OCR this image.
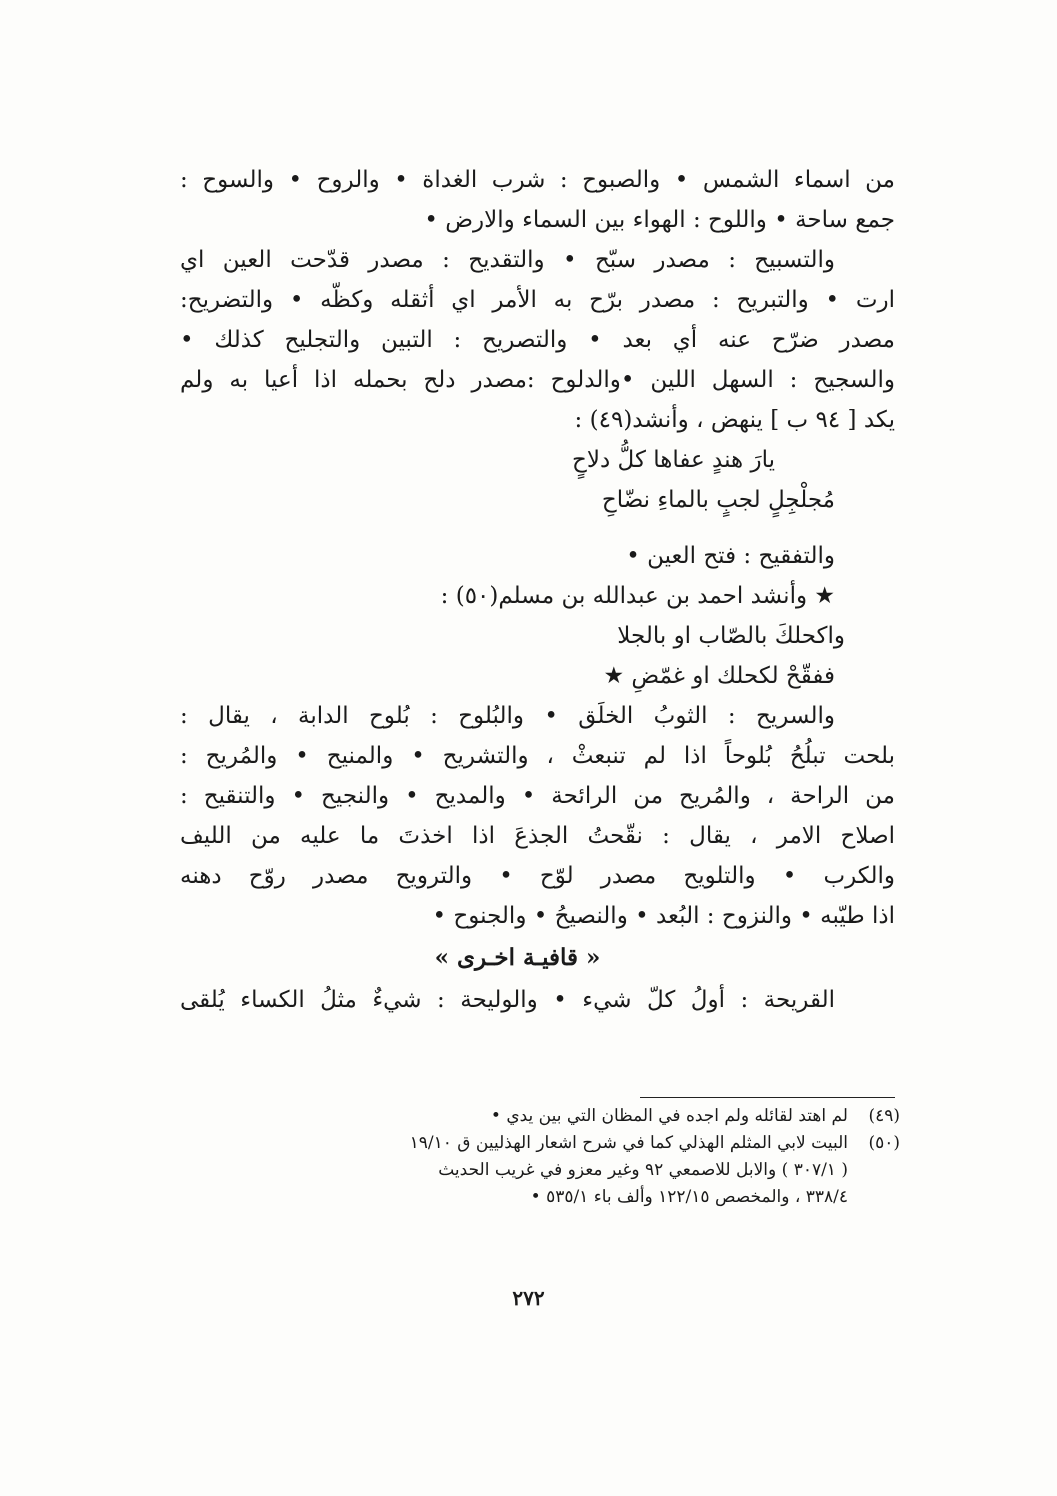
من اسماء الشمس • والصبوح : شرب الغداة • والروح • والسوح :
جمع ساحة • واللوح : الهواء بين السماء والارض •
والتسبيح : مصدر سبّح • والتقديح : مصدر قدّحت العين اي
ارت • والتبريح : مصدر برّح به الأمر اي أثقله وكظّه • والتضريح:
مصدر ضرّح عنه أي بعد • والتصريح : التبين والتجليح كذلك •
والسجيح : السهل اللين •والدلوح :مصدر دلح بحمله اذا أعيا به ولم
يكد [ ٩٤ ب ] ينهض ، وأنشد(٤٩) :
يارَ هندٍ عفاها كلُّ دلاحٍ
مُجلْجِلٍ لجبٍ بالماءِ نضّاحِ
والتفقيح : فتح العين •
★ وأنشد احمد بن عبدالله بن مسلم(٥٠) :
واكحلكَ بالصّاب او بالجلا
ففقّحْ لكحلك او غمّضِ ★
والسريح : الثوبُ الخلَق • والبُلوح : بُلوح الدابة ، يقال :
بلحت تبلُحُ بُلوحاً اذا لم تنبعثْ ، والتشريح • والمنيح • والمُريح :
من الراحة ، والمُريح من الرائحة • والمديح • والنجيح • والتنقيح :
اصلاح الامر ، يقال : نقّحتُ الجذعَ اذا اخذتَ ما عليه من الليف
والكرب • والتلويح مصدر لوّح • والترويح مصدر روّح دهنه
اذا طيّبه • والنزوح : البُعد • والنصيحُ • والجنوح •
« قافيـة اخـرى »
القريحة : أولُ كلّ شيء • والوليحة : شيءٌ مثلُ الكساء يُلقى
(٤٩)
لم اهتد لقائله ولم اجده في المظان التي بين يدي •
(٥٠)
البيت لابي المثلم الهذلي كما في شرح اشعار الهذليين ق ١٩/١٠
( ٣٠٧/١ ) والابل للاصمعي ٩٢ وغير معزو في غريب الحديث
٣٣٨/٤ ، والمخصص ١٢٢/١٥ وألف باء ٥٣٥/١ •
٢٧٢
